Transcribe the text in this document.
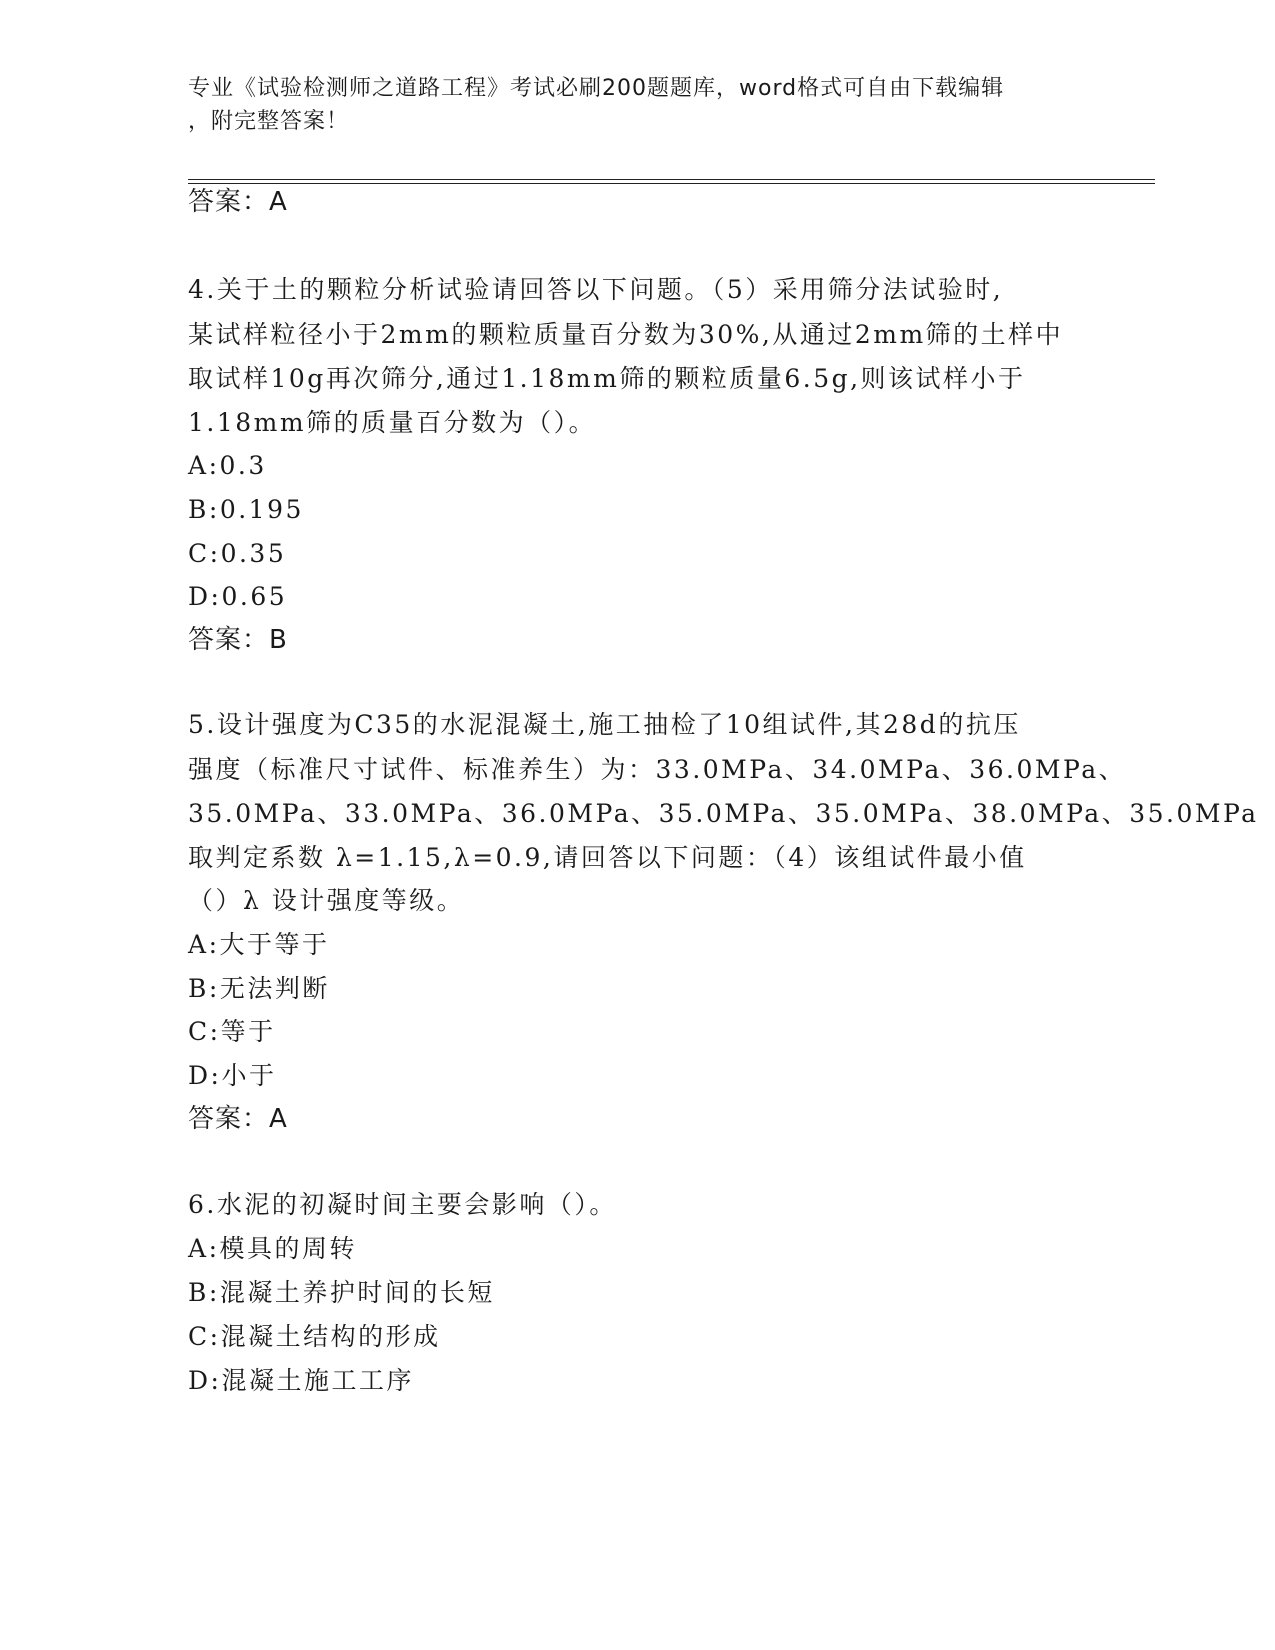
专业《试验检测师之道路工程》考试必刷200题题库，word格式可自由下载编辑
，附完整答案！
答案：A
4.关于土的颗粒分析试验请回答以下问题。（5）采用筛分法试验时,
某试样粒径小于2mm的颗粒质量百分数为30%,从通过2mm筛的土样中
取试样10g再次筛分,通过1.18mm筛的颗粒质量6.5g,则该试样小于
1.18mm筛的质量百分数为（）。
A:0.3
B:0.195
C:0.35
D:0.65
答案：B
5.设计强度为C35的水泥混凝土,施工抽检了10组试件,其28d的抗压
强度（标准尺寸试件、标准养生）为：33.0MPa、34.0MPa、36.0MPa、
35.0MPa、33.0MPa、36.0MPa、35.0MPa、35.0MPa、38.0MPa、35.0MPa
取判定系数 λ=1.15,λ=0.9,请回答以下问题：（4）该组试件最小值
（）λ 设计强度等级。
A:大于等于
B:无法判断
C:等于
D:小于
答案：A
6.水泥的初凝时间主要会影响（）。
A:模具的周转
B:混凝土养护时间的长短
C:混凝土结构的形成
D:混凝土施工工序
